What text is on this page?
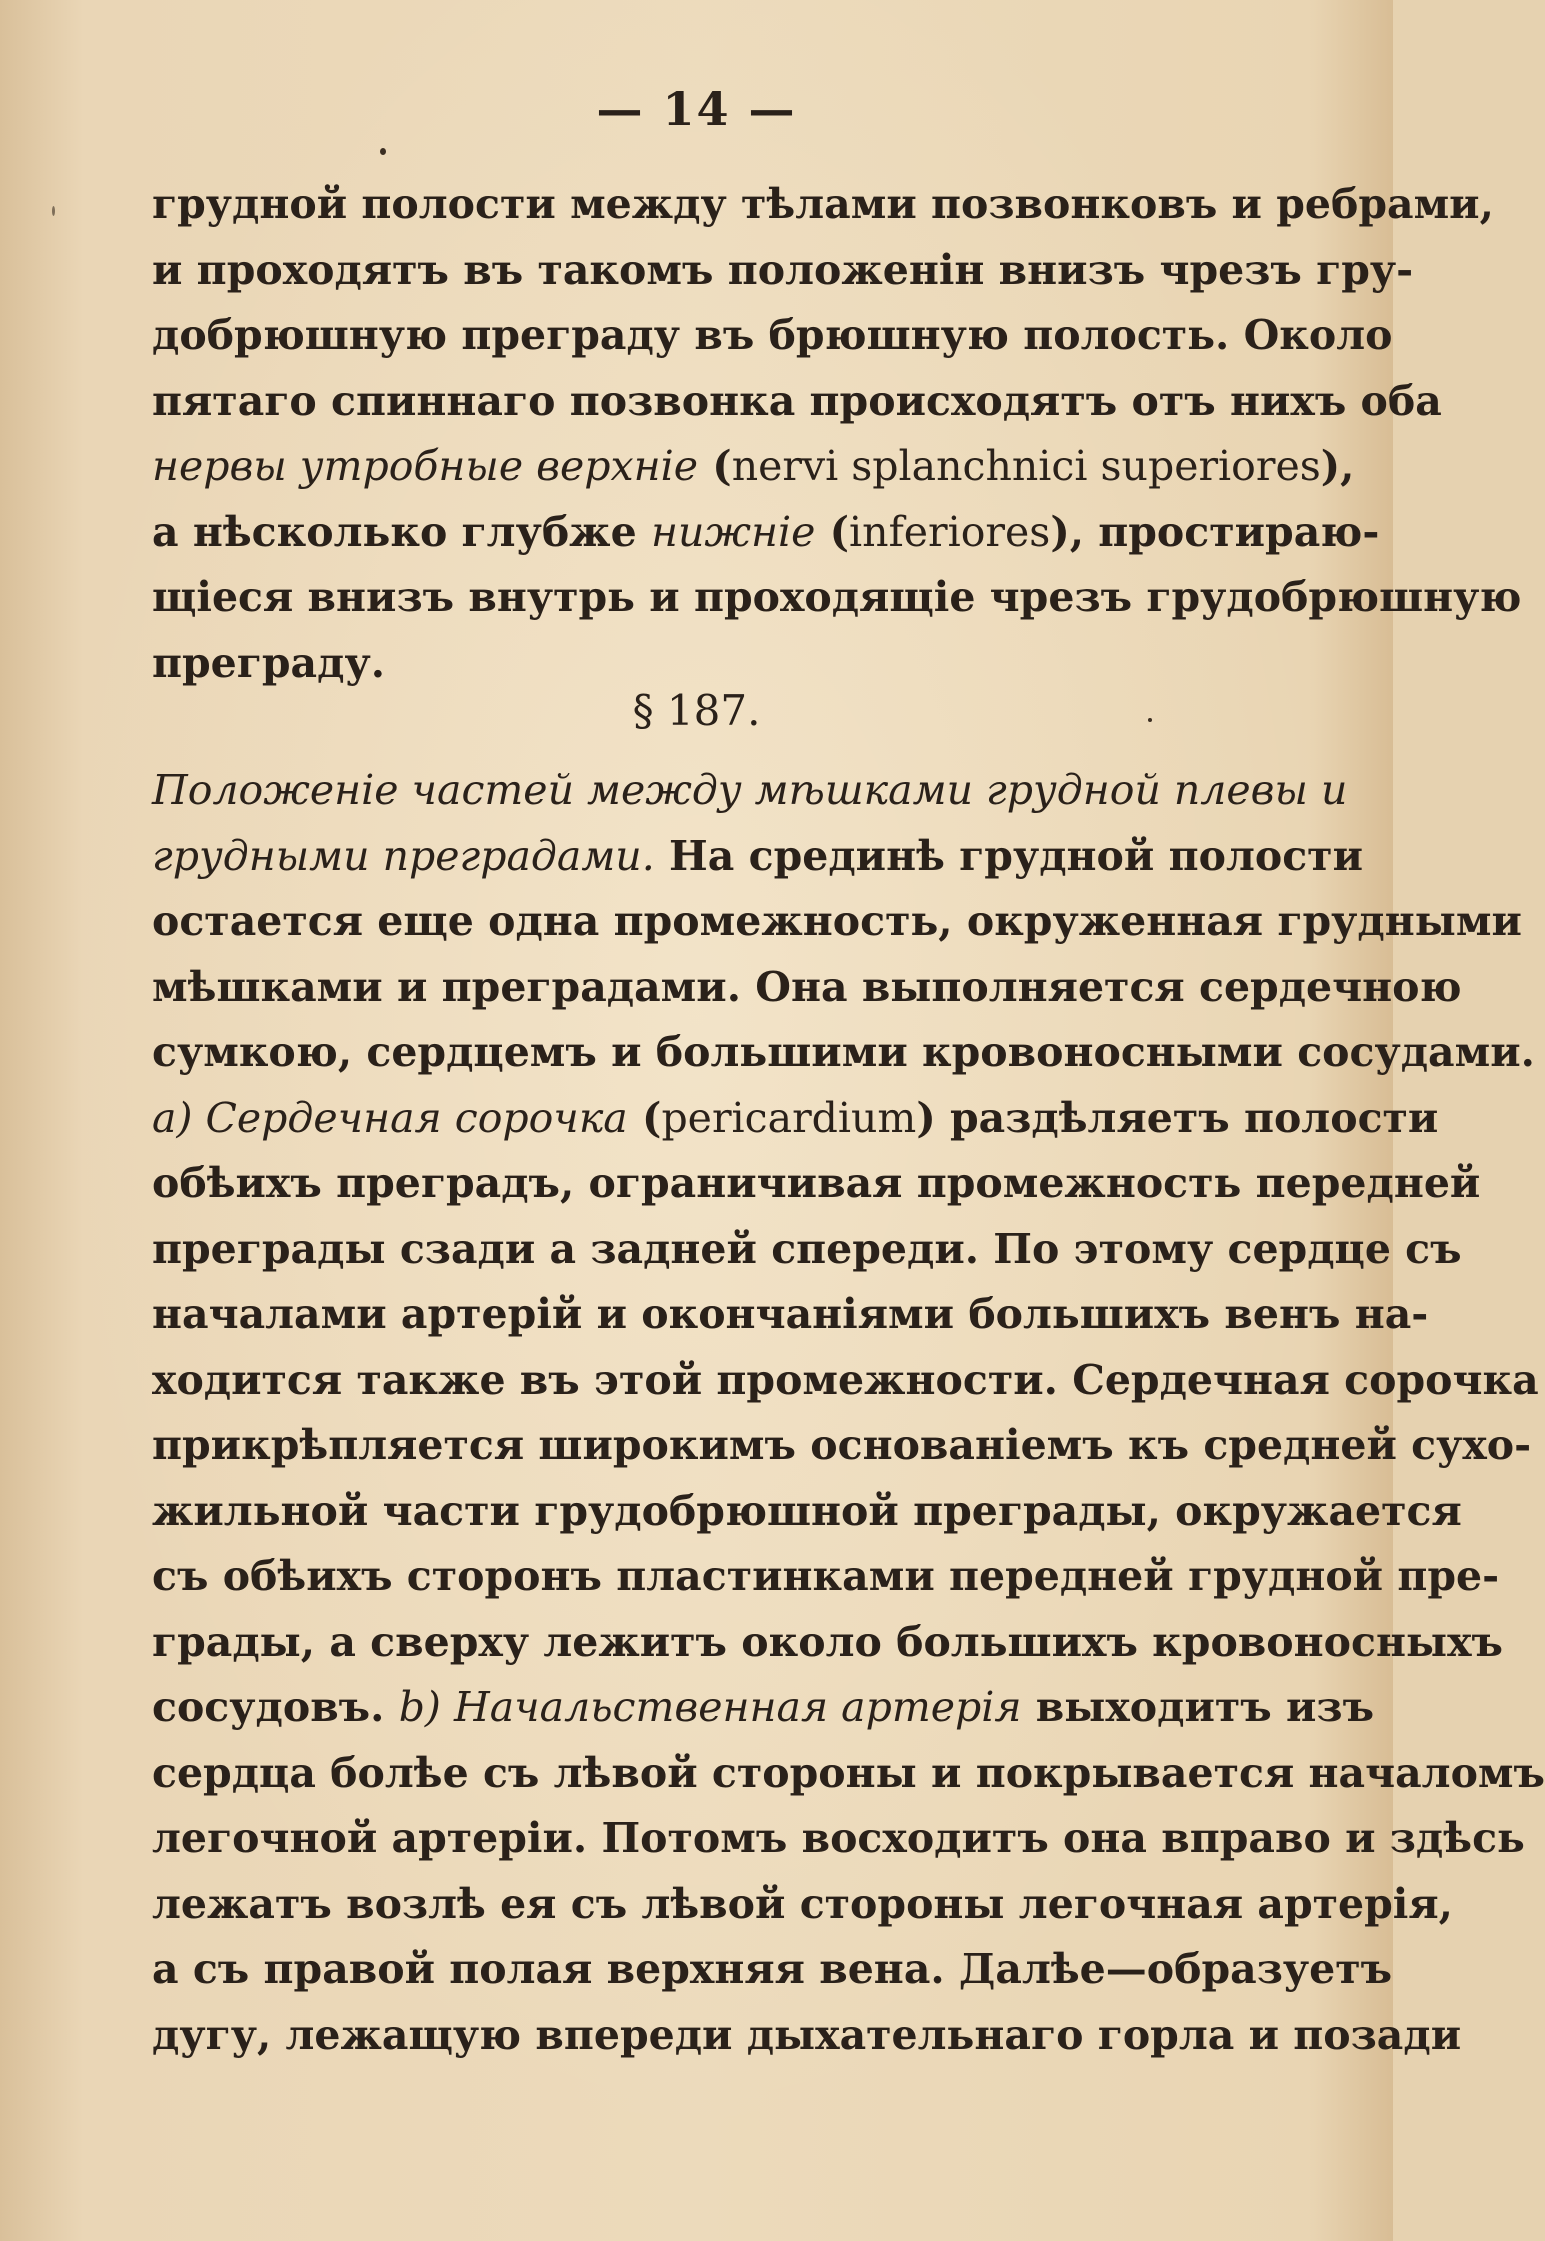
— 14 —
грудной полости между тѣлами позвонковъ и ребрами,
и проходятъ въ такомъ положенін внизъ чрезъ гру-
добрюшную преграду въ брюшную полость. Около
пятаго спиннаго позвонка происходятъ отъ нихъ оба
нервы утробные верхніе (nervi splanchnici superiores),
а нѣсколько глубже нижніе (inferiores), простираю-
щіеся внизъ внутрь и проходящіе чрезъ грудобрюшную
преграду.
§ 187.
Положеніе частей между мѣшками грудной плевы и
грудными преградами. На срединѣ грудной полости
остается еще одна промежность, окруженная грудными
мѣшками и преградами. Она выполняется сердечною
сумкою, сердцемъ и большими кровоносными сосудами.
а) Сердечная сорочка (pericardium) раздѣляетъ полости
обѣихъ преградъ, ограничивая промежность передней
преграды сзади а задней спереди. По этому сердце съ
началами артерій и окончаніями большихъ венъ на-
ходится также въ этой промежности. Сердечная сорочка
прикрѣпляется широкимъ основаніемъ къ средней сухо-
жильной части грудобрюшной преграды, окружается
съ обѣихъ сторонъ пластинками передней грудной пре-
грады, а сверху лежитъ около большихъ кровоносныхъ
сосудовъ. b) Начальственная артерія выходитъ изъ
сердца болѣе съ лѣвой стороны и покрывается началомъ
легочной артеріи. Потомъ восходитъ она вправо и здѣсь
лежатъ возлѣ ея съ лѣвой стороны легочная артерія,
а съ правой полая верхняя вена. Далѣе—образуетъ
дугу, лежащую впереди дыхательнаго горла и позади
